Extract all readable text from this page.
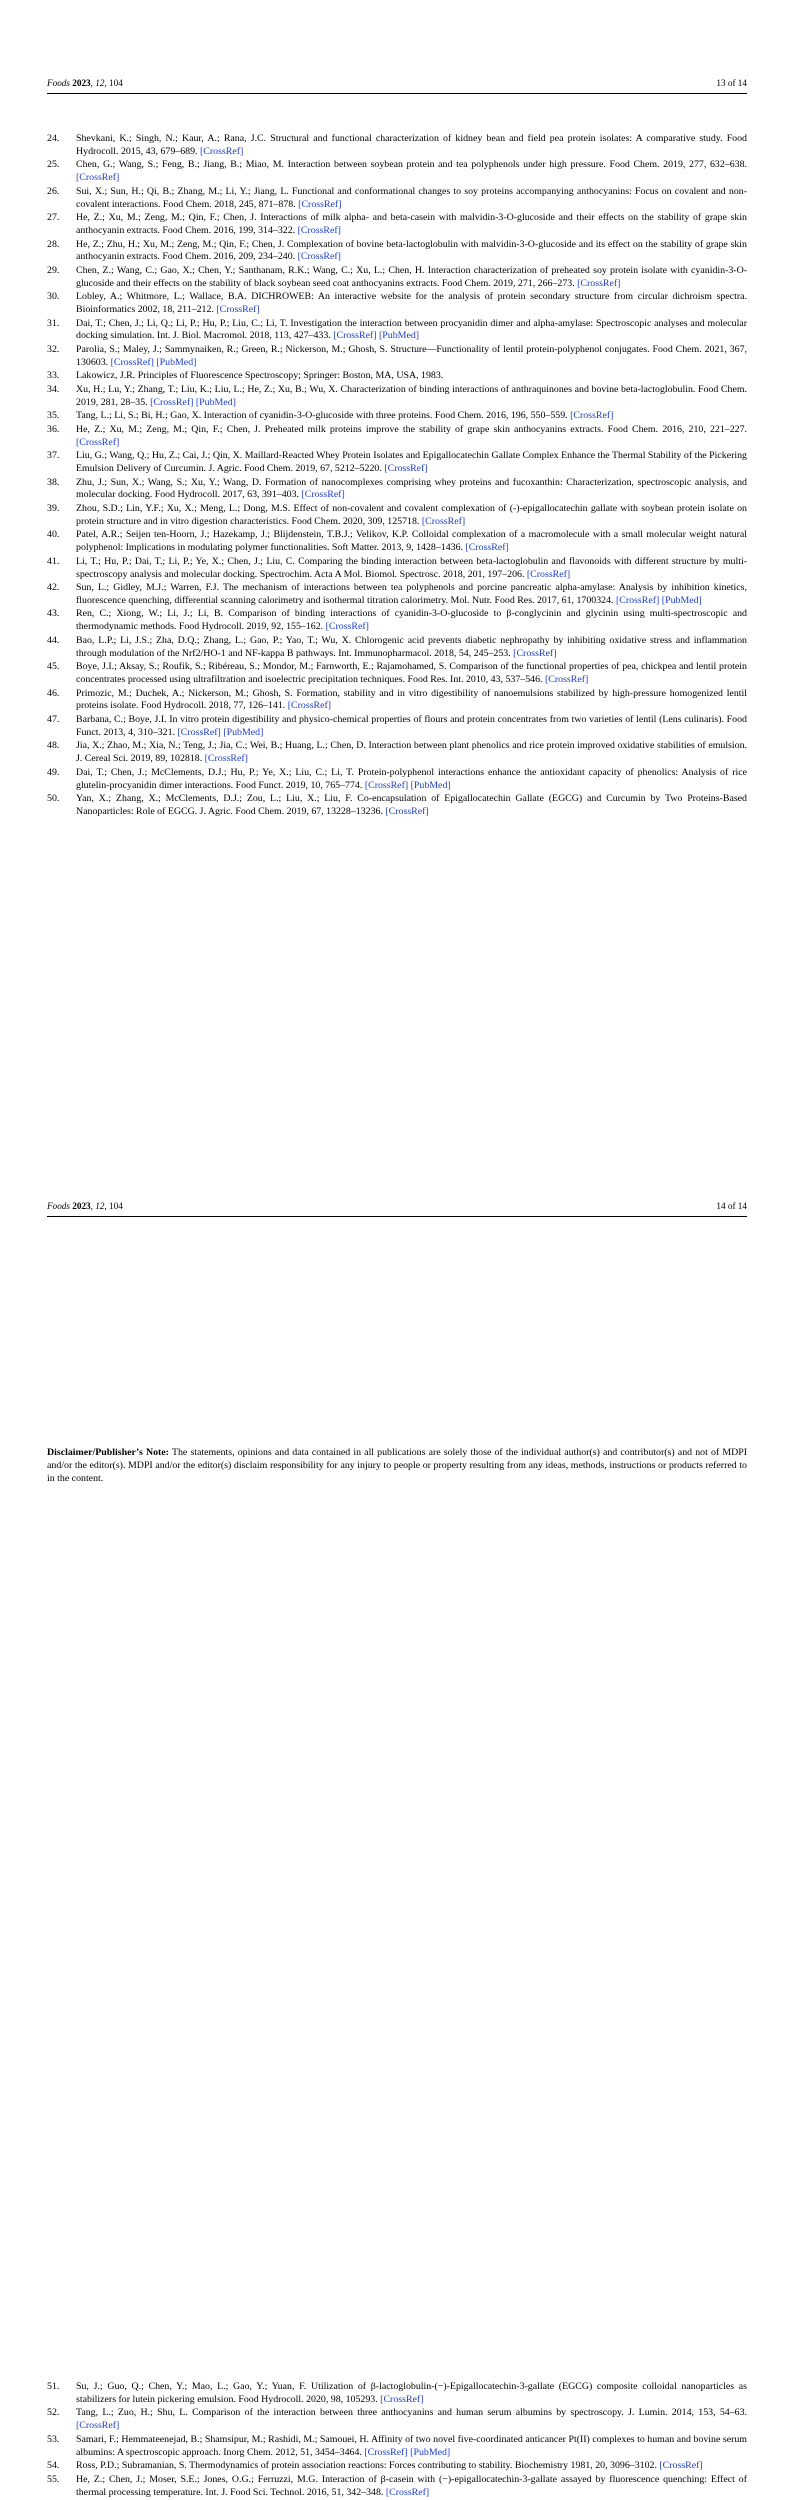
Foods 2023, 12, 104	13 of 14
24. Shevkani, K.; Singh, N.; Kaur, A.; Rana, J.C. Structural and functional characterization of kidney bean and field pea protein isolates: A comparative study. Food Hydrocoll. 2015, 43, 679–689. [CrossRef]
25. Chen, G.; Wang, S.; Feng, B.; Jiang, B.; Miao, M. Interaction between soybean protein and tea polyphenols under high pressure. Food Chem. 2019, 277, 632–638. [CrossRef]
26. Sui, X.; Sun, H.; Qi, B.; Zhang, M.; Li, Y.; Jiang, L. Functional and conformational changes to soy proteins accompanying anthocyanins: Focus on covalent and non-covalent interactions. Food Chem. 2018, 245, 871–878. [CrossRef]
27. He, Z.; Xu, M.; Zeng, M.; Qin, F.; Chen, J. Interactions of milk alpha- and beta-casein with malvidin-3-O-glucoside and their effects on the stability of grape skin anthocyanin extracts. Food Chem. 2016, 199, 314–322. [CrossRef]
28. He, Z.; Zhu, H.; Xu, M.; Zeng, M.; Qin, F.; Chen, J. Complexation of bovine beta-lactoglobulin with malvidin-3-O-glucoside and its effect on the stability of grape skin anthocyanin extracts. Food Chem. 2016, 209, 234–240. [CrossRef]
29. Chen, Z.; Wang, C.; Gao, X.; Chen, Y.; Santhanam, R.K.; Wang, C.; Xu, L.; Chen, H. Interaction characterization of preheated soy protein isolate with cyanidin-3-O-glucoside and their effects on the stability of black soybean seed coat anthocyanins extracts. Food Chem. 2019, 271, 266–273. [CrossRef]
30. Lobley, A.; Whitmore, L.; Wallace, B.A. DICHROWEB: An interactive website for the analysis of protein secondary structure from circular dichroism spectra. Bioinformatics 2002, 18, 211–212. [CrossRef]
31. Dai, T.; Chen, J.; Li, Q.; Li, P.; Hu, P.; Liu, C.; Li, T. Investigation the interaction between procyanidin dimer and alpha-amylase: Spectroscopic analyses and molecular docking simulation. Int. J. Biol. Macromol. 2018, 113, 427–433. [CrossRef] [PubMed]
32. Parolia, S.; Maley, J.; Sammynaiken, R.; Green, R.; Nickerson, M.; Ghosh, S. Structure—Functionality of lentil protein-polyphenol conjugates. Food Chem. 2021, 367, 130603. [CrossRef] [PubMed]
33. Lakowicz, J.R. Principles of Fluorescence Spectroscopy; Springer: Boston, MA, USA, 1983.
34. Xu, H.; Lu, Y.; Zhang, T.; Liu, K.; Liu, L.; He, Z.; Xu, B.; Wu, X. Characterization of binding interactions of anthraquinones and bovine beta-lactoglobulin. Food Chem. 2019, 281, 28–35. [CrossRef] [PubMed]
35. Tang, L.; Li, S.; Bi, H.; Gao, X. Interaction of cyanidin-3-O-glucoside with three proteins. Food Chem. 2016, 196, 550–559. [CrossRef]
36. He, Z.; Xu, M.; Zeng, M.; Qin, F.; Chen, J. Preheated milk proteins improve the stability of grape skin anthocyanins extracts. Food Chem. 2016, 210, 221–227. [CrossRef]
37. Liu, G.; Wang, Q.; Hu, Z.; Cai, J.; Qin, X. Maillard-Reacted Whey Protein Isolates and Epigallocatechin Gallate Complex Enhance the Thermal Stability of the Pickering Emulsion Delivery of Curcumin. J. Agric. Food Chem. 2019, 67, 5212–5220. [CrossRef]
38. Zhu, J.; Sun, X.; Wang, S.; Xu, Y.; Wang, D. Formation of nanocomplexes comprising whey proteins and fucoxanthin: Characterization, spectroscopic analysis, and molecular docking. Food Hydrocoll. 2017, 63, 391–403. [CrossRef]
39. Zhou, S.D.; Lin, Y.F.; Xu, X.; Meng, L.; Dong, M.S. Effect of non-covalent and covalent complexation of (-)-epigallocatechin gallate with soybean protein isolate on protein structure and in vitro digestion characteristics. Food Chem. 2020, 309, 125718. [CrossRef]
40. Patel, A.R.; Seijen ten-Hoorn, J.; Hazekamp, J.; Blijdenstein, T.B.J.; Velikov, K.P. Colloidal complexation of a macromolecule with a small molecular weight natural polyphenol: Implications in modulating polymer functionalities. Soft Matter. 2013, 9, 1428–1436. [CrossRef]
41. Li, T.; Hu, P.; Dai, T.; Li, P.; Ye, X.; Chen, J.; Liu, C. Comparing the binding interaction between beta-lactoglobulin and flavonoids with different structure by multi-spectroscopy analysis and molecular docking. Spectrochim. Acta A Mol. Biomol. Spectrosc. 2018, 201, 197–206. [CrossRef]
42. Sun, L.; Gidley, M.J.; Warren, F.J. The mechanism of interactions between tea polyphenols and porcine pancreatic alpha-amylase: Analysis by inhibition kinetics, fluorescence quenching, differential scanning calorimetry and isothermal titration calorimetry. Mol. Nutr. Food Res. 2017, 61, 1700324. [CrossRef] [PubMed]
43. Ren, C.; Xiong, W.; Li, J.; Li, B. Comparison of binding interactions of cyanidin-3-O-glucoside to β-conglycinin and glycinin using multi-spectroscopic and thermodynamic methods. Food Hydrocoll. 2019, 92, 155–162. [CrossRef]
44. Bao, L.P.; Li, J.S.; Zha, D.Q.; Zhang, L.; Gao, P.; Yao, T.; Wu, X. Chlorogenic acid prevents diabetic nephropathy by inhibiting oxidative stress and inflammation through modulation of the Nrf2/HO-1 and NF-kappa B pathways. Int. Immunopharmacol. 2018, 54, 245–253. [CrossRef]
45. Boye, J.I.; Aksay, S.; Roufik, S.; Ribéreau, S.; Mondor, M.; Farnworth, E.; Rajamohamed, S. Comparison of the functional properties of pea, chickpea and lentil protein concentrates processed using ultrafiltration and isoelectric precipitation techniques. Food Res. Int. 2010, 43, 537–546. [CrossRef]
46. Primozic, M.; Duchek, A.; Nickerson, M.; Ghosh, S. Formation, stability and in vitro digestibility of nanoemulsions stabilized by high-pressure homogenized lentil proteins isolate. Food Hydrocoll. 2018, 77, 126–141. [CrossRef]
47. Barbana, C.; Boye, J.I. In vitro protein digestibility and physico-chemical properties of flours and protein concentrates from two varieties of lentil (Lens culinaris). Food Funct. 2013, 4, 310–321. [CrossRef] [PubMed]
48. Jia, X.; Zhao, M.; Xia, N.; Teng, J.; Jia, C.; Wei, B.; Huang, L.; Chen, D. Interaction between plant phenolics and rice protein improved oxidative stabilities of emulsion. J. Cereal Sci. 2019, 89, 102818. [CrossRef]
49. Dai, T.; Chen, J.; McClements, D.J.; Hu, P.; Ye, X.; Liu, C.; Li, T. Protein-polyphenol interactions enhance the antioxidant capacity of phenolics: Analysis of rice glutelin-procyanidin dimer interactions. Food Funct. 2019, 10, 765–774. [CrossRef] [PubMed]
50. Yan, X.; Zhang, X.; McClements, D.J.; Zou, L.; Liu, X.; Liu, F. Co-encapsulation of Epigallocatechin Gallate (EGCG) and Curcumin by Two Proteins-Based Nanoparticles: Role of EGCG. J. Agric. Food Chem. 2019, 67, 13228–13236. [CrossRef]
Foods 2023, 12, 104	14 of 14
51. Su, J.; Guo, Q.; Chen, Y.; Mao, L.; Gao, Y.; Yuan, F. Utilization of β-lactoglobulin-(−)-Epigallocatechin-3-gallate (EGCG) composite colloidal nanoparticles as stabilizers for lutein pickering emulsion. Food Hydrocoll. 2020, 98, 105293. [CrossRef]
52. Tang, L.; Zuo, H.; Shu, L. Comparison of the interaction between three anthocyanins and human serum albumins by spectroscopy. J. Lumin. 2014, 153, 54–63. [CrossRef]
53. Samari, F.; Hemmateenejad, B.; Shamsipur, M.; Rashidi, M.; Samouei, H. Affinity of two novel five-coordinated anticancer Pt(II) complexes to human and bovine serum albumins: A spectroscopic approach. Inorg Chem. 2012, 51, 3454–3464. [CrossRef] [PubMed]
54. Ross, P.D.; Subramanian, S. Thermodynamics of protein association reactions: Forces contributing to stability. Biochemistry 1981, 20, 3096–3102. [CrossRef]
55. He, Z.; Chen, J.; Moser, S.E.; Jones, O.G.; Ferruzzi, M.G. Interaction of β-casein with (−)-epigallocatechin-3-gallate assayed by fluorescence quenching: Effect of thermal processing temperature. Int. J. Food Sci. Technol. 2016, 51, 342–348. [CrossRef]
Disclaimer/Publisher’s Note: The statements, opinions and data contained in all publications are solely those of the individual author(s) and contributor(s) and not of MDPI and/or the editor(s). MDPI and/or the editor(s) disclaim responsibility for any injury to people or property resulting from any ideas, methods, instructions or products referred to in the content.
